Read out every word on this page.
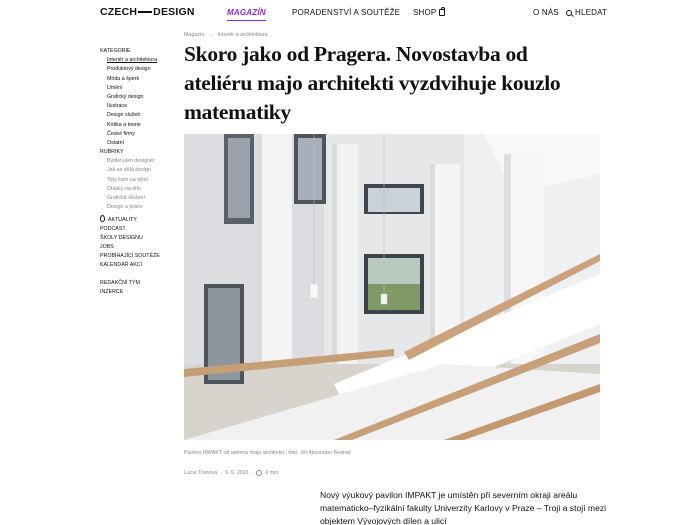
CZECH DESIGN	MAGAZÍN	PORADENSTVÍ A SOUTĚŽE SHOP	O NÁS HLEDAT
KATEGORIE
Interiér a architektura
Produktový design
Móda a šperk
Umění
Grafický design
Ilustrace
Design služeb
Kritika a teorie
České firmy
Ostatní
RUBRIKY
Bydlet jako designér
Jak se dělá design
Tipy kam na výlet
Otázky na tělo
Grafická složení
Design a právo
AKTUALITY
PODCAST
ŠKOLY DESIGNU
JOBS
PROBÍHAJÍCÍ SOUTĚŽE
KALENDÁŘ AKCÍ
REDAKČNÍ TÝM
INZERCE
Magazín → Interiér a architektura
Skoro jako od Pragera. Novostavba od ateliéru majo architekti vyzdvihuje kouzlo matematiky
Pavilon IMPAKT od ateliéru majo architekti | foto: Jiří Alexander Bednář
Lucie Tranová · 9. 9. 2021 · 6 min.

Nový výukový pavilon IMPAKT je umístěn při severním okraji areálu matematicko–fyzikální fakulty Univerzity Karlovy v Praze – Troji a stojí mezi objektem Vývojových dílen a ulicí
